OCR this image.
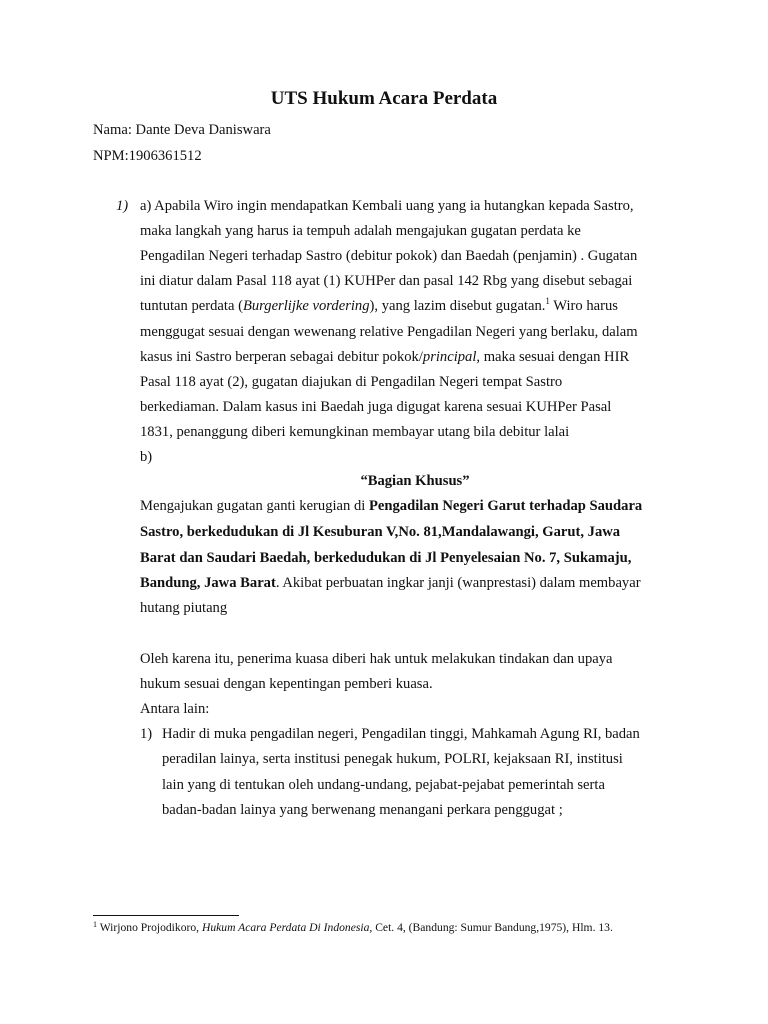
UTS Hukum Acara Perdata
Nama: Dante Deva Daniswara
NPM:1906361512
1) a) Apabila Wiro ingin mendapatkan Kembali uang yang ia hutangkan kepada Sastro,
maka langkah yang harus ia tempuh adalah mengajukan gugatan perdata ke
Pengadilan Negeri terhadap Sastro (debitur pokok) dan Baedah (penjamin) . Gugatan
ini diatur dalam Pasal 118 ayat (1) KUHPer dan pasal 142 Rbg yang disebut sebagai
tuntutan perdata (Burgerlijke vordering), yang lazim disebut gugatan.$^1$ Wiro harus
menggugat sesuai dengan wewenang relative Pengadilan Negeri yang berlaku, dalam
kasus ini Sastro berperan sebagai debitur pokok/principal, maka sesuai dengan HIR
Pasal 118 ayat (2), gugatan diajukan di Pengadilan Negeri tempat Sastro
berkediaman. Dalam kasus ini Baedah juga digugat karena sesuai KUHPer Pasal
1831, penanggung diberi kemungkinan membayar utang bila debitur lalai
b)
“Bagian Khusus”
Mengajukan gugatan ganti kerugian di Pengadilan Negeri Garut terhadap Saudara
Sastro, berkedudukan di Jl Kesuburan V,No. 81,Mandalawangi, Garut, Jawa
Barat dan Saudari Baedah, berkedudukan di Jl Penyelesaian No. 7, Sukamaju,
Bandung, Jawa Barat. Akibat perbuatan ingkar janji (wanprestasi) dalam membayar
hutang piutang
Oleh karena itu, penerima kuasa diberi hak untuk melakukan tindakan dan upaya
hukum sesuai dengan kepentingan pemberi kuasa.
Antara lain:
1) Hadir di muka pengadilan negeri, Pengadilan tinggi, Mahkamah Agung RI, badan
peradilan lainya, serta institusi penegak hukum, POLRI, kejaksaan RI, institusi
lain yang di tentukan oleh undang-undang, pejabat-pejabat pemerintah serta
badan-badan lainya yang berwenang menangani perkara penggugat ;
$^1$ Wirjono Projodikoro, Hukum Acara Perdata Di Indonesia, Cet. 4, (Bandung: Sumur Bandung,1975), Hlm. 13.
